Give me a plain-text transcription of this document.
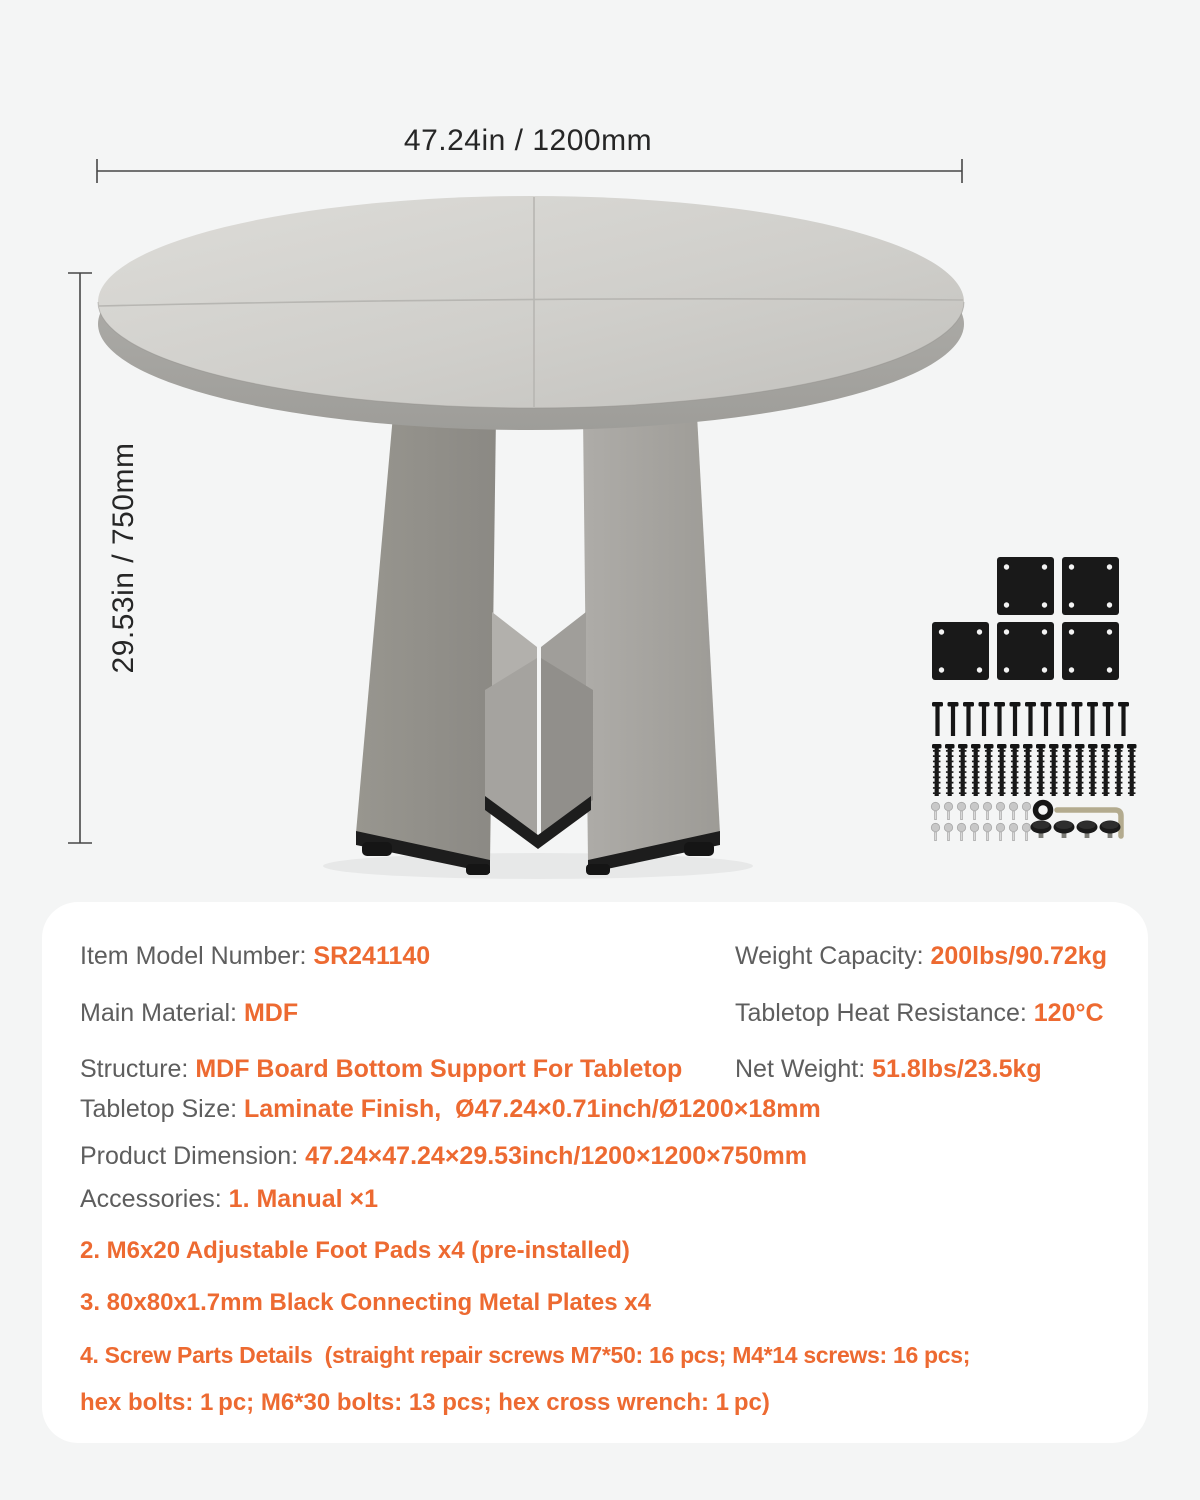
47.24in / 1200mm
29.53in / 750mm
Item Model Number: SR241140
Main Material: MDF
Structure: MDF Board Bottom Support For Tabletop
Tabletop Size: Laminate Finish,  Ø47.24×0.71inch/Ø1200×18mm
Product Dimension: 47.24×47.24×29.53inch/1200×1200×750mm
Accessories: 1. Manual ×1
Weight Capacity: 200lbs/90.72kg
Tabletop Heat Resistance: 120°C
Net Weight: 51.8lbs/23.5kg
2. M6x20 Adjustable Foot Pads x4 (pre-installed)
3. 80x80x1.7mm Black Connecting Metal Plates x4
4. Screw Parts Details  (straight repair screws M7*50: 16 pcs; M4*14 screws: 16 pcs;
hex bolts: 1 pc; M6*30 bolts: 13 pcs; hex cross wrench: 1 pc)
